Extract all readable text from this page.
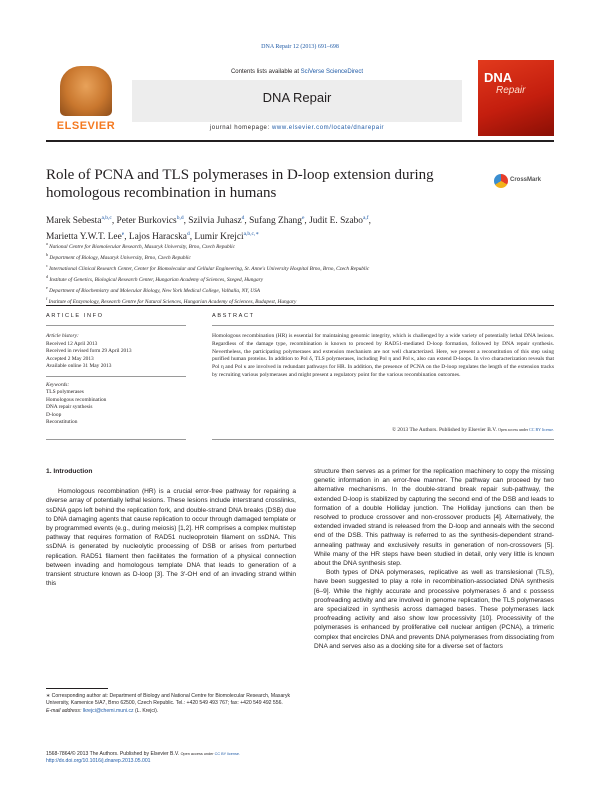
DNA Repair 12 (2013) 691–698
ELSEVIER
Contents lists available at SciVerse ScienceDirect
DNA Repair
journal homepage: www.elsevier.com/locate/dnarepair
DNA
Repair
Role of PCNA and TLS polymerases in D-loop extension during homologous recombination in humans
CrossMark
Marek Sebesta$^{a,b,c}$, Peter Burkovics$^{b,d}$, Szilvia Juhasz$^d$, Sufang Zhang$^e$, Judit E. Szabo$^{a,f}$,
Marietta Y.W.T. Lee$^e$, Lajos Haracska$^d$, Lumir Krejci$^{a,b,c,∗}$
$^a$ National Centre for Biomolecular Research, Masaryk University, Brno, Czech Republic
$^b$ Department of Biology, Masaryk University, Brno, Czech Republic
$^c$ International Clinical Research Center, Center for Biomolecular and Cellular Engineering, St. Anne's University Hospital Brno, Brno, Czech Republic
$^d$ Institute of Genetics, Biological Research Center, Hungarian Academy of Sciences, Szeged, Hungary
$^e$ Department of Biochemistry and Molecular Biology, New York Medical College, Valhalla, NY, USA
$^f$ Institute of Enzymology, Research Centre for Natural Sciences, Hungarian Academy of Sciences, Budapest, Hungary
ARTICLE INFO	ABSTRACT
Article history:
Received 12 April 2013
Received in revised form 29 April 2013
Accepted 2 May 2013
Available online 31 May 2013
Keywords:
TLS polymerases
Homologous recombination
DNA repair synthesis
D-loop
Reconstitution
Homologous recombination (HR) is essential for maintaining genomic integrity, which is challenged by a wide variety of potentially lethal DNA lesions. Regardless of the damage type, recombination is known to proceed by RAD51-mediated D-loop formation, followed by DNA repair synthesis. Nevertheless, the participating polymerases and extension mechanism are not well characterized. Here, we present a reconstitution of this step using purified human proteins. In addition to Pol δ, TLS polymerases, including Pol η and Pol κ, also can extend D-loops. In vivo characterization reveals that Pol η and Pol κ are involved in redundant pathways for HR. In addition, the presence of PCNA on the D-loop regulates the length of the extension tracks by recruiting various polymerases and might present a regulatory point for the various recombination outcomes.
© 2013 The Authors. Published by Elsevier B.V. Open access under CC BY license.
1. Introduction

Homologous recombination (HR) is a crucial error-free pathway for repairing a diverse array of potentially lethal lesions. These lesions include interstrand crosslinks, ssDNA gaps left behind the replication fork, and double-strand DNA breaks (DSB) due to DNA damaging agents that cause replication to occur through damaged template or by programmed events (e.g., during meiosis) [1,2]. HR comprises a complex multistep pathway that requires formation of RAD51 nucleoprotein filament on ssDNA. This ssDNA is generated by nucleolytic processing of DSB or arises from perturbed replication. RAD51 filament then facilitates the formation of a physical connection between invading and homologous template DNA that leads to generation of a transient structure known as D-loop [3]. The 3′-OH end of an invading strand within this

structure then serves as a primer for the replication machinery to copy the missing genetic information in an error-free manner. The pathway can proceed by two alternative mechanisms. In the double-strand break repair sub-pathway, the extended D-loop is stabilized by capturing the second end of the DSB and leads to formation of a double Holliday junction. The Holliday junctions can then be resolved to produce crossover and non-crossover products [4]. Alternatively, the extended invaded strand is released from the D-loop and anneals with the second end of the DSB. This pathway is referred to as the synthesis-dependent strand-annealing pathway and exclusively results in generation of non-crossovers [5]. While many of the HR steps have been studied in detail, only very little is known about the DNA synthesis step.

Both types of DNA polymerases, replicative as well as translesional (TLS), have been suggested to play a role in recombination-associated DNA synthesis [6–9]. While the highly accurate and processive polymerases δ and ε possess proofreading activity and are involved in genome replication, the TLS polymerases are specialized in synthesis across damaged bases. These polymerases lack proofreading activity and also show low processivity [10]. Processivity of the polymerases is enhanced by proliferative cell nuclear antigen (PCNA), a trimeric complex that encircles DNA and prevents DNA polymerases from dissociating from DNA and serves also as a docking site for a diverse set of factors

∗ Corresponding author at: Department of Biology and National Centre for Biomolecular Research, Masaryk University, Kamenice 5/A7, Brno 62500, Czech Republic. Tel.: +420 549 493 767; fax: +420 549 492 556.
E-mail address: lkrejci@chemi.muni.cz (L. Krejci).
1568-7864/© 2013 The Authors. Published by Elsevier B.V. Open access under CC BY license.
http://dx.doi.org/10.1016/j.dnarep.2013.05.001
